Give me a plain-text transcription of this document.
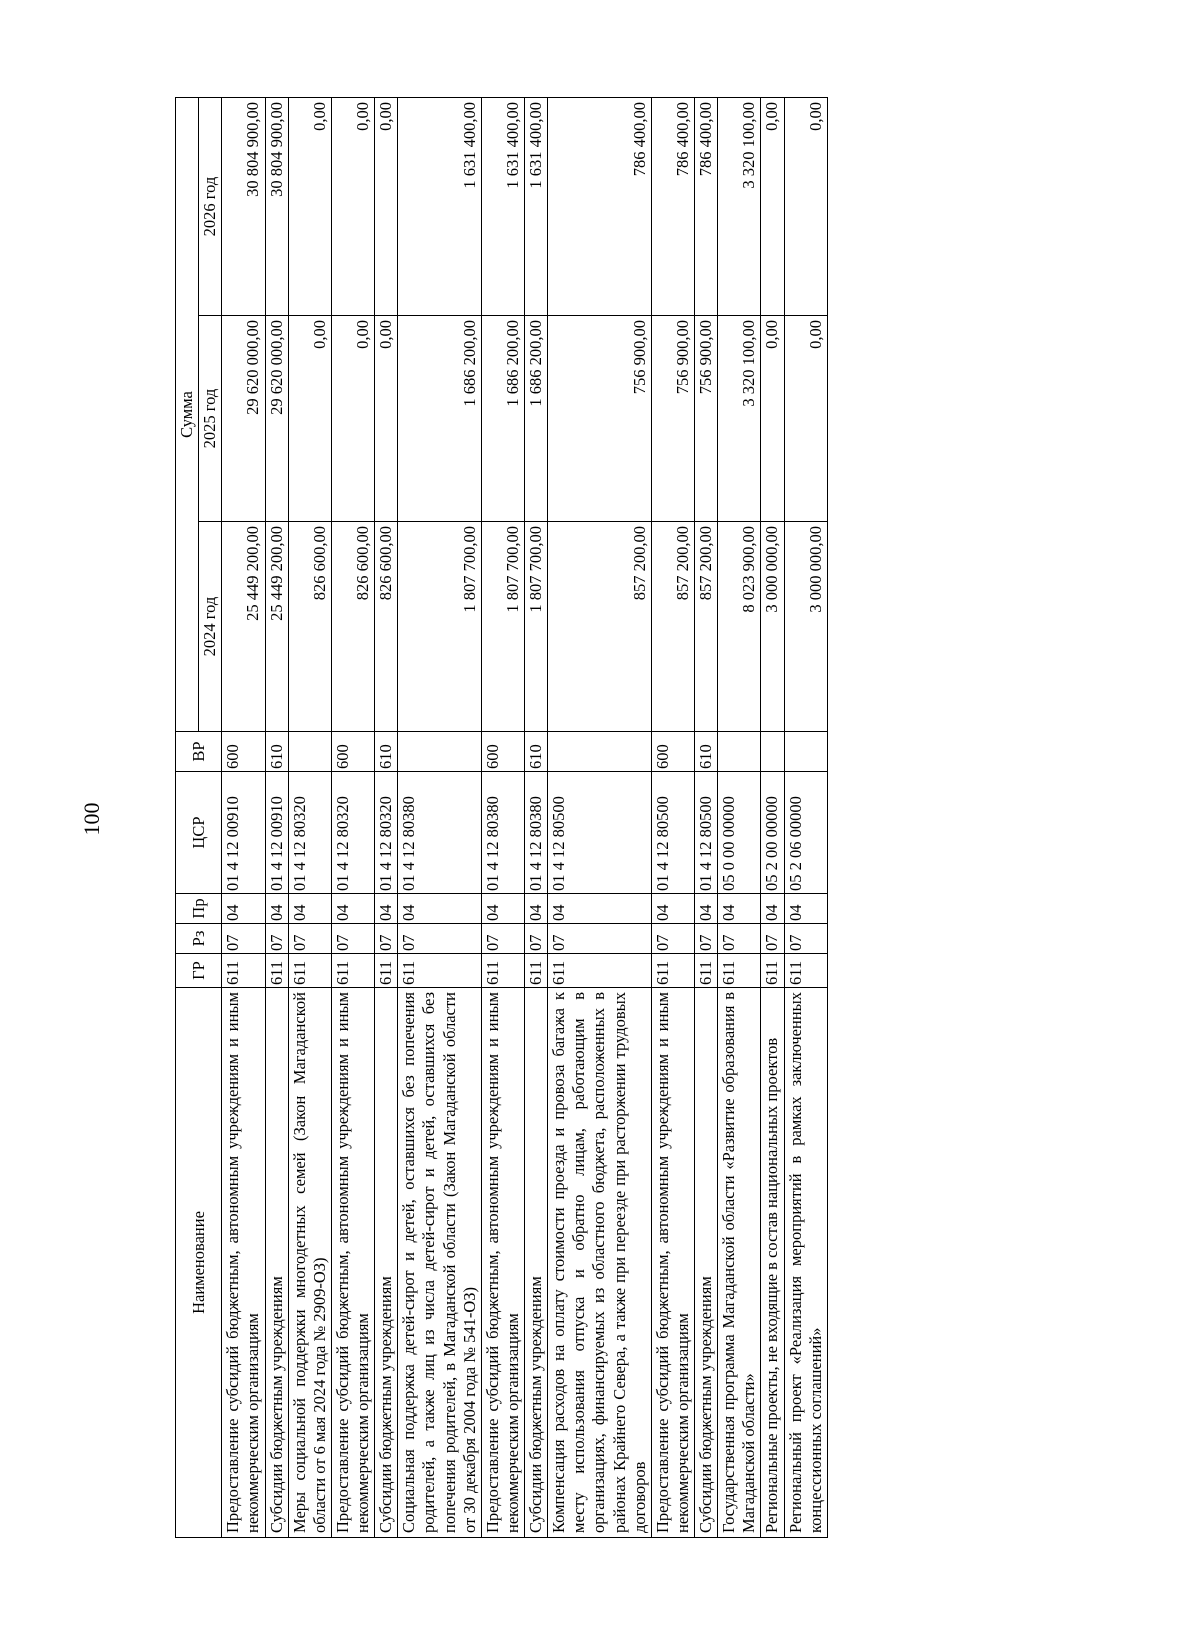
100
Наименование	ГР	Рз	Пр	ЦСР	ВР	Сумма		
						2024 год	2025 год	2026 год
Предоставление субсидий бюджетным, автономным учреждениям и иным некоммерческим организациям	611	07	04	01 4 12 00910	600	25 449 200,00	29 620 000,00	30 804 900,00
Субсидии бюджетным учреждениям	611	07	04	01 4 12 00910	610	25 449 200,00	29 620 000,00	30 804 900,00
Меры социальной поддержки многодетных семей (Закон Магаданской области от 6 мая 2024 года № 2909-ОЗ)	611	07	04	01 4 12 80320		826 600,00	0,00	0,00
Предоставление субсидий бюджетным, автономным учреждениям и иным некоммерческим организациям	611	07	04	01 4 12 80320	600	826 600,00	0,00	0,00
Субсидии бюджетным учреждениям	611	07	04	01 4 12 80320	610	826 600,00	0,00	0,00
Социальная поддержка детей-сирот и детей, оставшихся без попечения родителей, а также лиц из числа детей-сирот и детей, оставшихся без попечения родителей, в Магаданской области (Закон Магаданской области от 30 декабря 2004 года № 541-ОЗ)	611	07	04	01 4 12 80380		1 807 700,00	1 686 200,00	1 631 400,00
Предоставление субсидий бюджетным, автономным учреждениям и иным некоммерческим организациям	611	07	04	01 4 12 80380	600	1 807 700,00	1 686 200,00	1 631 400,00
Субсидии бюджетным учреждениям	611	07	04	01 4 12 80380	610	1 807 700,00	1 686 200,00	1 631 400,00
Компенсация расходов на оплату стоимости проезда и провоза багажа к месту использования отпуска и обратно лицам, работающим в организациях, финансируемых из областного бюджета, расположенных в районах Крайнего Севера, а также при переезде при расторжении трудовых договоров	611	07	04	01 4 12 80500		857 200,00	756 900,00	786 400,00
Предоставление субсидий бюджетным, автономным учреждениям и иным некоммерческим организациям	611	07	04	01 4 12 80500	600	857 200,00	756 900,00	786 400,00
Субсидии бюджетным учреждениям	611	07	04	01 4 12 80500	610	857 200,00	756 900,00	786 400,00
Государственная программа Магаданской области «Развитие образования в Магаданской области»	611	07	04	05 0 00 00000		8 023 900,00	3 320 100,00	3 320 100,00
Региональные проекты, не входящие в состав национальных проектов	611	07	04	05 2 00 00000		3 000 000,00	0,00	0,00
Региональный проект «Реализация мероприятий в рамках заключенных концессионных соглашений»	611	07	04	05 2 06 00000		3 000 000,00	0,00	0,00
